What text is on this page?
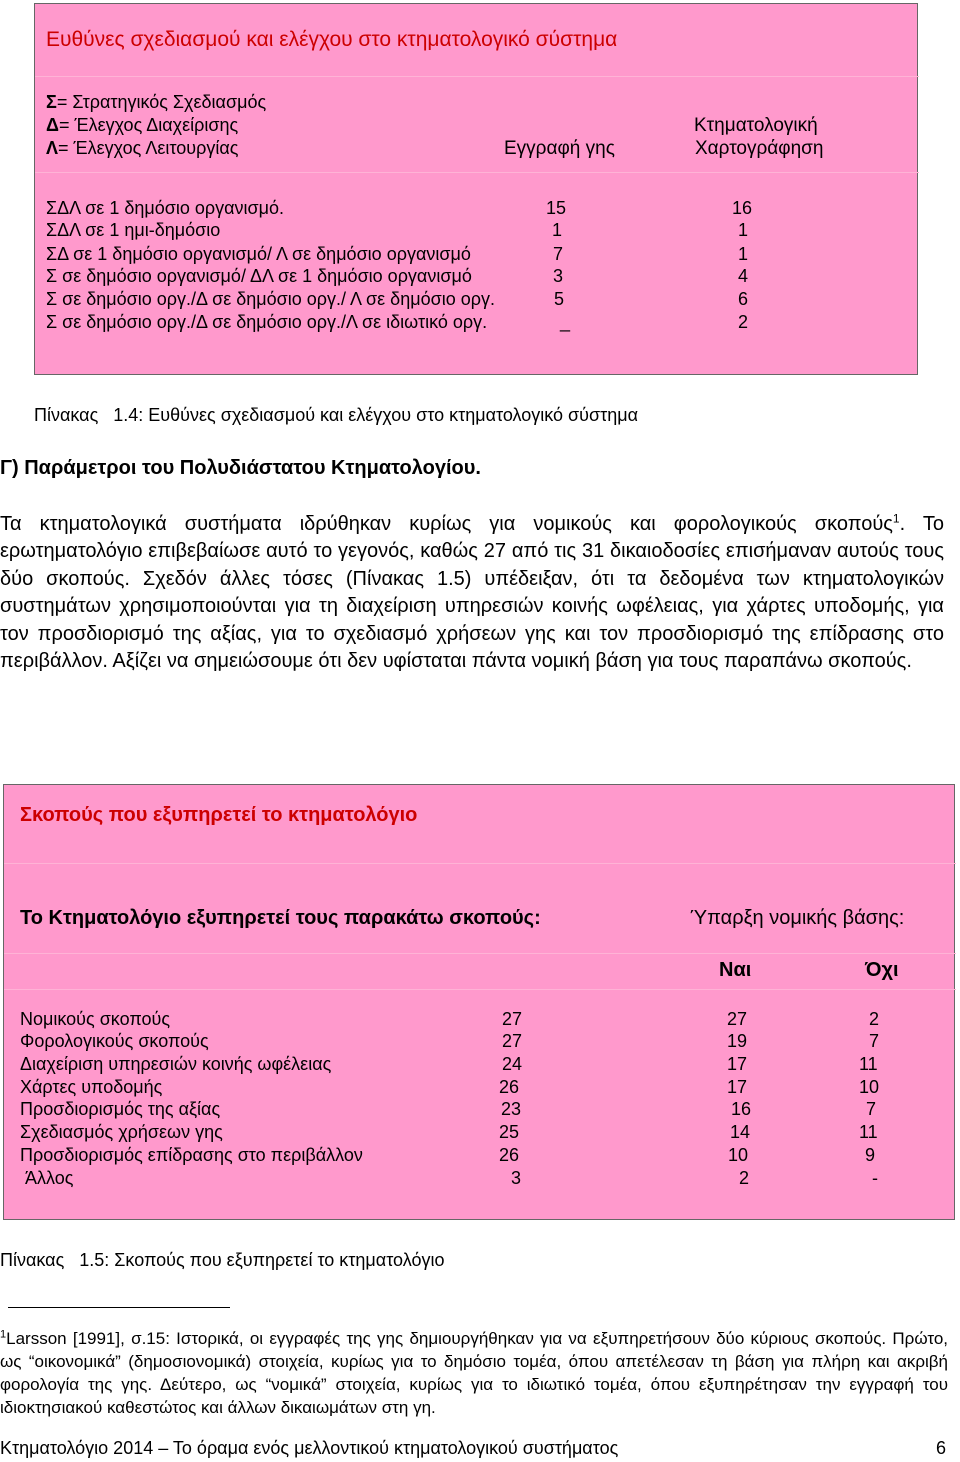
Ευθύνες σχεδιασμού και ελέγχου στο κτηματολογικό σύστημα
Σ= Στρατηγικός Σχεδιασμός
Δ= Έλεγχος Διαχείρισης
Λ= Έλεγχος Λειτουργίας	Εγγραφή γης
Κτηματολογική
Χαρτογράφηση
ΣΔΛ σε 1 δημόσιο οργανισμό.	15	16
ΣΔΛ σε 1 ημι-δημόσιο	1	1
ΣΔ σε 1 δημόσιο οργανισμό/ Λ σε δημόσιο οργανισμό	7	1
Σ σε δημόσιο οργανισμό/ ΔΛ σε 1 δημόσιο οργανισμό	3	4
Σ σε δημόσιο οργ./Δ σε δημόσιο οργ./ Λ σε δημόσιο οργ.	5	6
Σ σε δημόσιο οργ./Δ σε δημόσιο οργ./Λ σε ιδιωτικό οργ.	_	2
Πίνακας 1.4: Ευθύνες σχεδιασμού και ελέγχου στο κτηματολογικό σύστημα
Γ) Παράμετροι του Πολυδιάστατου Κτηματολογίου.
Τα κτηματολογικά συστήματα ιδρύθηκαν κυρίως για νομικούς και φορολογικούς σκοπούς$^1$. Το ερωτηματολόγιο επιβεβαίωσε αυτό το γεγονός, καθώς 27 από τις 31 δικαιοδοσίες επισήμαναν αυτούς τους δύο σκοπούς. Σχεδόν άλλες τόσες (Πίνακας 1.5) υπέδειξαν, ότι τα δεδομένα των κτηματολογικών συστημάτων χρησιμοποιούνται για τη διαχείριση υπηρεσιών κοινής ωφέλειας, για χάρτες υποδομής, για τον προσδιορισμό της αξίας, για το σχεδιασμό χρήσεων γης και τον προσδιορισμό της επίδρασης στο περιβάλλον. Αξίζει να σημειώσουμε ότι δεν υφίσταται πάντα νομική βάση για τους παραπάνω σκοπούς.
Σκοπούς που εξυπηρετεί το κτηματολόγιο
Το Κτηματολόγιο εξυπηρετεί τους παρακάτω σκοπούς:	Ύπαρξη νομικής βάσης:
Ναι	Όχι
Νομικούς σκοπούς	27	27	2
Φορολογικούς σκοπούς	27	19	7
Διαχείριση υπηρεσιών κοινής ωφέλειας	24	17	11
Χάρτες υποδομής	26	17	10
Προσδιορισμός της αξίας	23	16	7
Σχεδιασμός χρήσεων γης	25	14	11
Προσδιορισμός επίδρασης στο περιβάλλον	26	10	9
Άλλος	3	2	-
Πίνακας 1.5: Σκοπούς που εξυπηρετεί το κτηματολόγιο
$^1$Larsson [1991], σ.15: Ιστορικά, οι εγγραφές της γης δημιουργήθηκαν για να εξυπηρετήσουν δύο κύριους σκοπούς. Πρώτο, ως “οικονομικά” (δημοσιονομικά) στοιχεία, κυρίως για το δημόσιο τομέα, όπου απετέλεσαν τη βάση για πλήρη και ακριβή φορολογία της γης. Δεύτερο, ως “νομικά” στοιχεία, κυρίως για το ιδιωτικό τομέα, όπου εξυπηρέτησαν την εγγραφή του ιδιοκτησιακού καθεστώτος και άλλων δικαιωμάτων στη γη.
Κτηματολόγιο 2014 – Το όραμα ενός μελλοντικού κτηματολογικού συστήματος	6
